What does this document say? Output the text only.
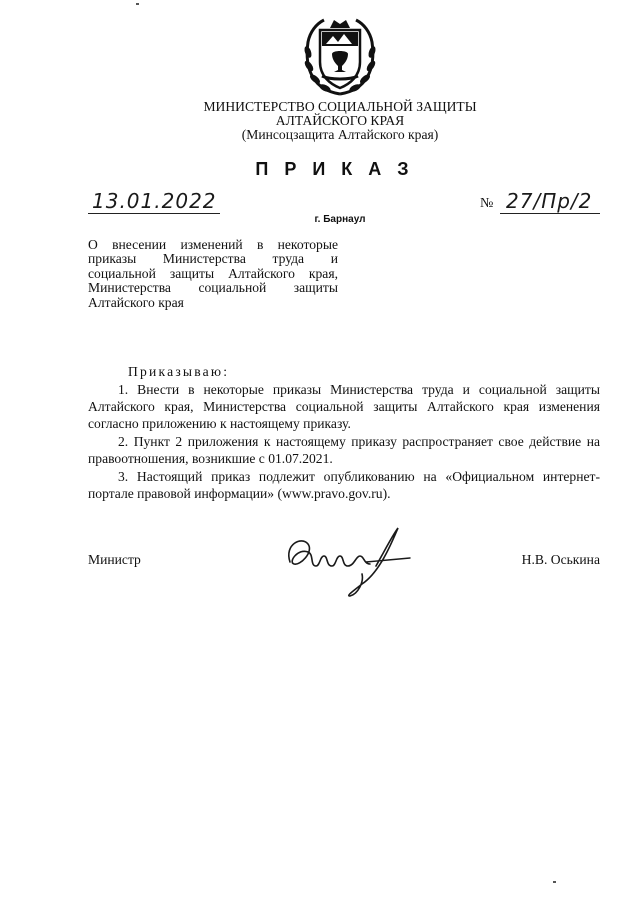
МИНИСТЕРСТВО СОЦИАЛЬНОЙ ЗАЩИТЫ
АЛТАЙСКОГО КРАЯ
(Минсоцзащита Алтайского края)
ПРИКАЗ
13.01.2022	№ 27/Пр/2
г. Барнаул
О внесении изменений в некоторые приказы Министерства труда и социальной защиты Алтайского края, Министерства социальной защиты Алтайского края
Приказываю:

1. Внести в некоторые приказы Министерства труда и социальной защиты Алтайского края, Министерства социальной защиты Алтайского края изменения согласно приложению к настоящему приказу.

2. Пункт 2 приложения к настоящему приказу распространяет свое действие на правоотношения, возникшие с 01.07.2021.

3. Настоящий приказ подлежит опубликованию на «Официальном интернет-портале правовой информации» (www.pravo.gov.ru).

Министр	Н.В. Оськина
